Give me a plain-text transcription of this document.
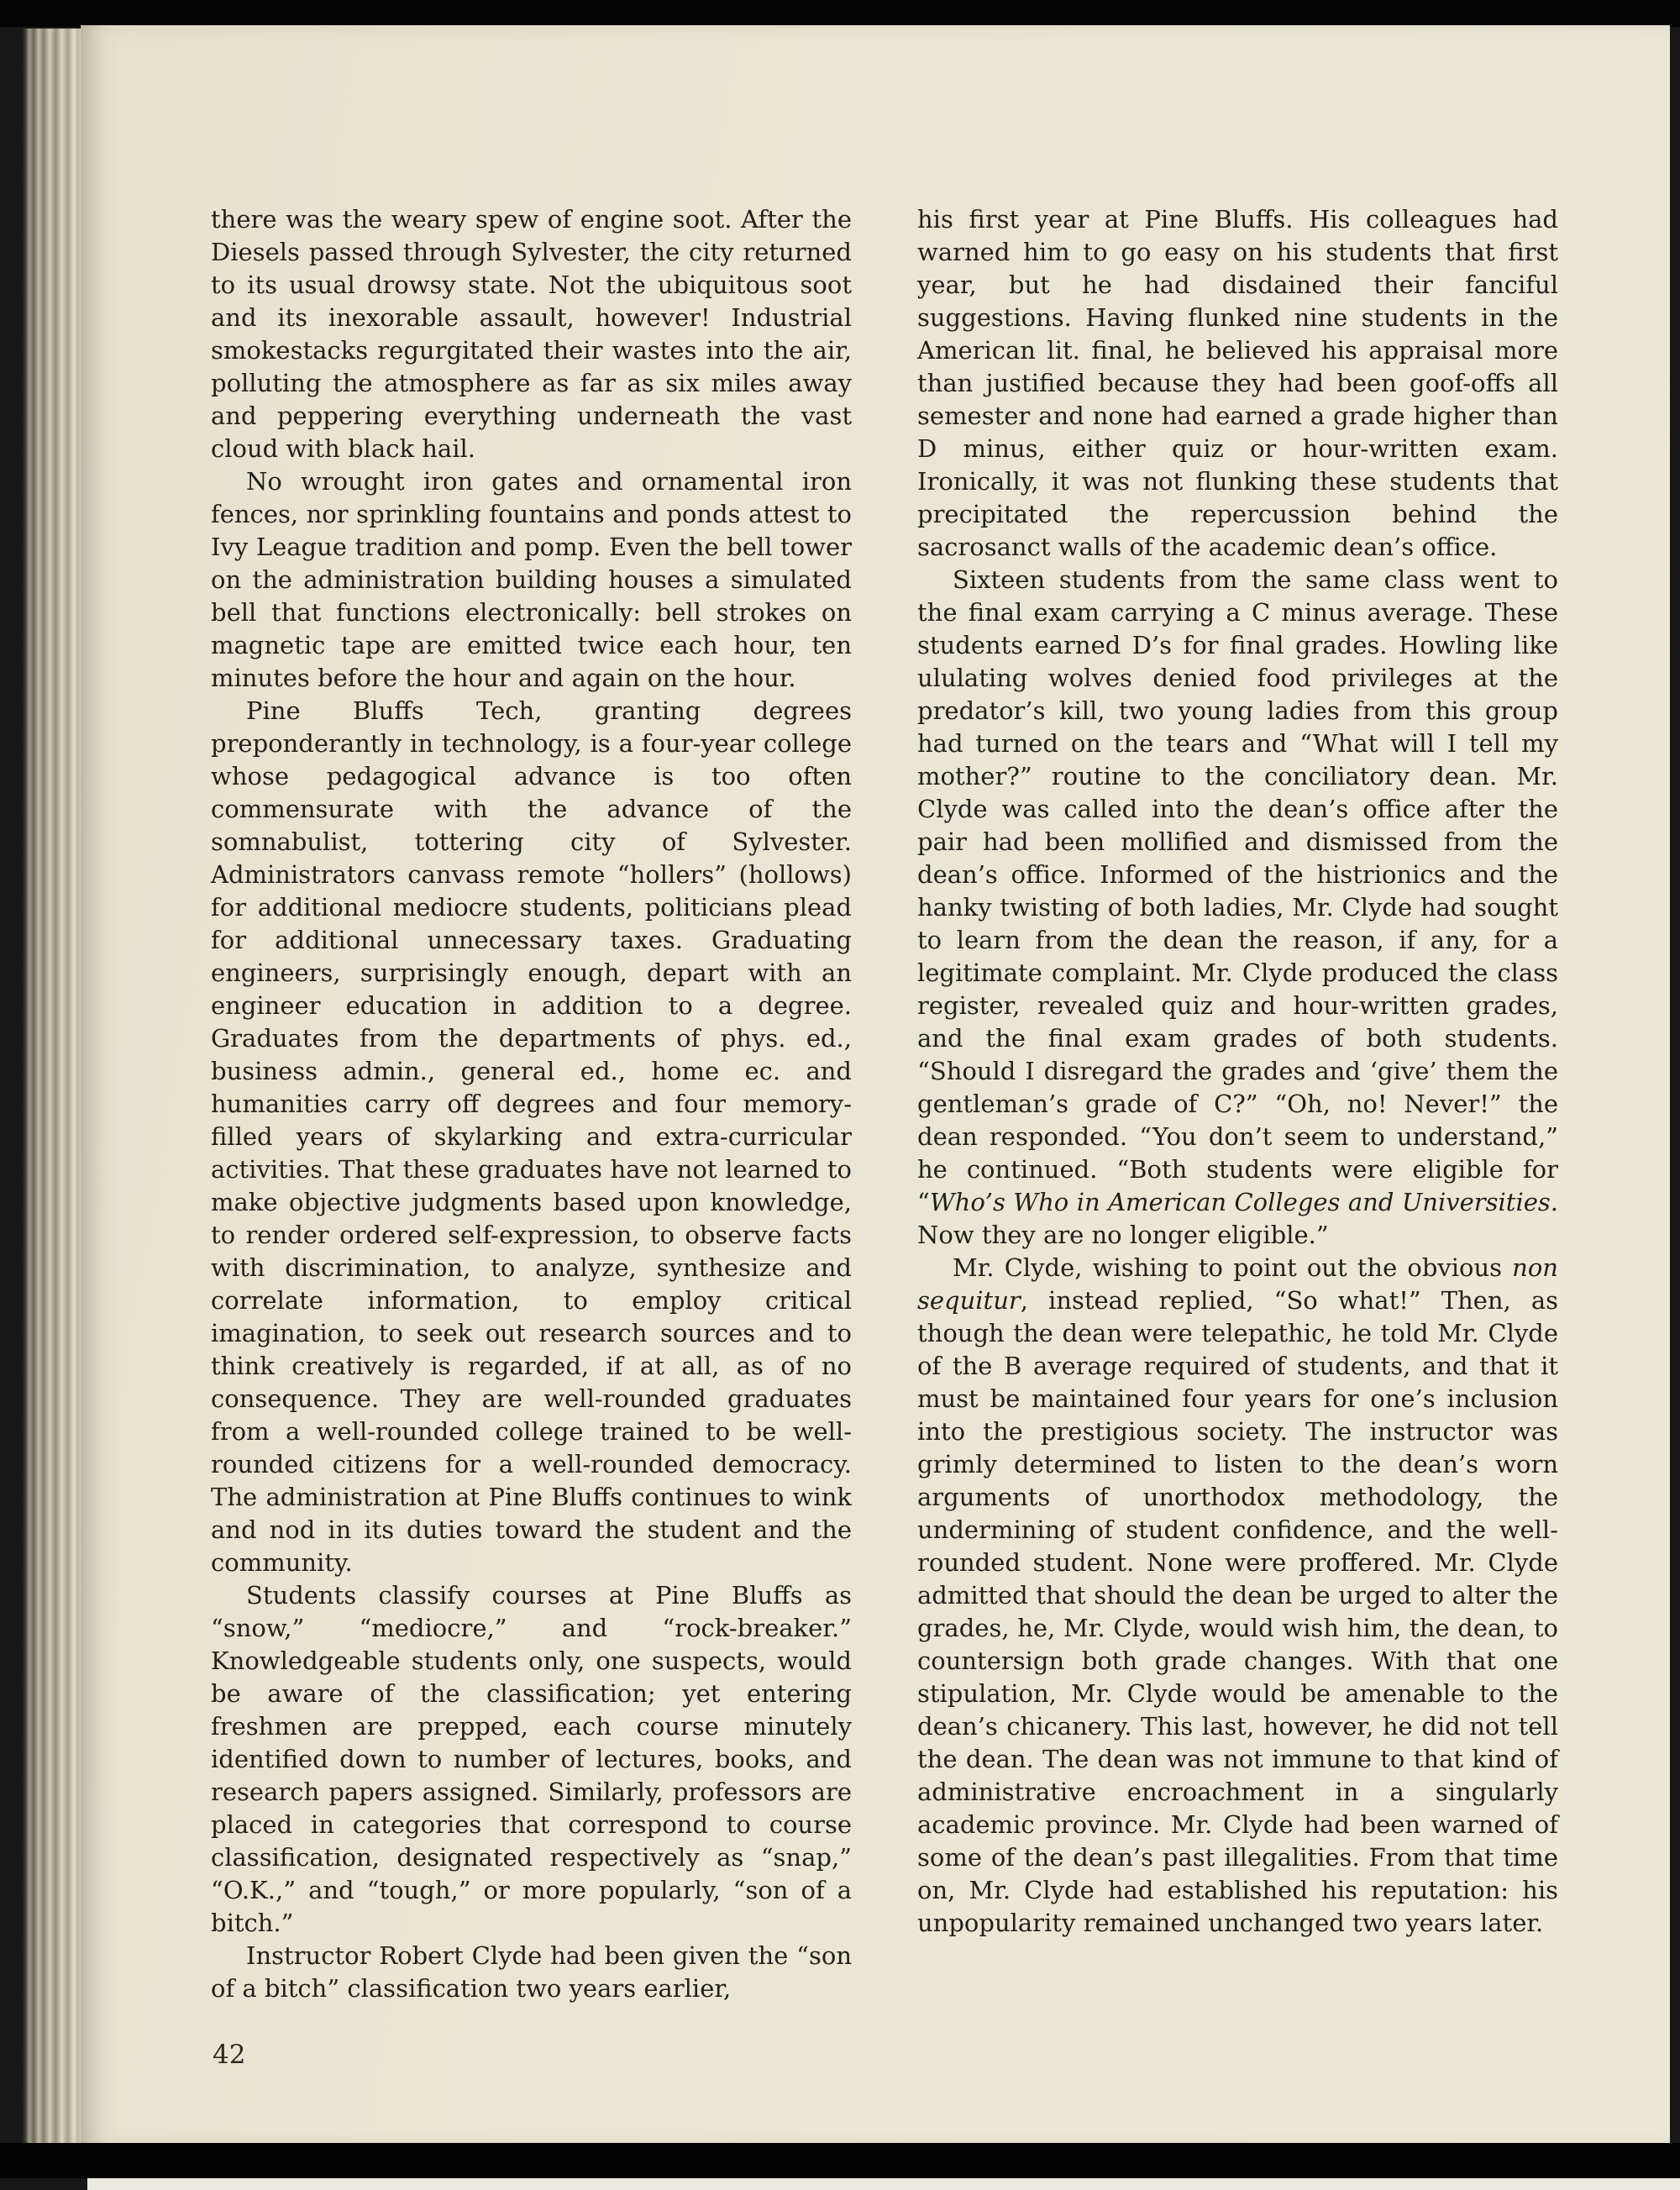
there was the weary spew of engine soot. After the Diesels passed through Sylvester, the city returned to its usual drowsy state. Not the ubiquitous soot and its inexorable assault, however! Industrial smokestacks regurgitated their wastes into the air, polluting the atmosphere as far as six miles away and peppering everything underneath the vast cloud with black hail.

No wrought iron gates and ornamental iron fences, nor sprinkling fountains and ponds attest to Ivy League tradition and pomp. Even the bell tower on the administration building houses a simulated bell that functions electronically: bell strokes on magnetic tape are emitted twice each hour, ten minutes before the hour and again on the hour.

Pine Bluffs Tech, granting degrees preponderantly in technology, is a four-year college whose pedagogical advance is too often commensurate with the advance of the somnabulist, tottering city of Sylvester. Administrators canvass remote “hollers” (hollows) for additional mediocre students, politicians plead for additional unnecessary taxes. Graduating engineers, surprisingly enough, depart with an engineer education in addition to a degree. Graduates from the departments of phys. ed., business admin., general ed., home ec. and humanities carry off degrees and four memory-filled years of skylarking and extra-curricular activities. That these graduates have not learned to make objective judgments based upon knowledge, to render ordered self-expression, to observe facts with discrimination, to analyze, synthesize and correlate information, to employ critical imagination, to seek out research sources and to think creatively is regarded, if at all, as of no consequence. They are well-rounded graduates from a well-rounded college trained to be well-rounded citizens for a well-rounded democracy. The administration at Pine Bluffs continues to wink and nod in its duties toward the student and the community.

Students classify courses at Pine Bluffs as “snow,” “mediocre,” and “rock-breaker.” Knowledgeable students only, one suspects, would be aware of the classification; yet entering freshmen are prepped, each course minutely identified down to number of lectures, books, and research papers assigned. Similarly, professors are placed in categories that correspond to course classification, designated respectively as “snap,” “O.K.,” and “tough,” or more popularly, “son of a bitch.”

Instructor Robert Clyde had been given the “son of a bitch” classification two years earlier,

his first year at Pine Bluffs. His colleagues had warned him to go easy on his students that first year, but he had disdained their fanciful suggestions. Having flunked nine students in the American lit. final, he believed his appraisal more than justified because they had been goof-offs all semester and none had earned a grade higher than D minus, either quiz or hour-written exam. Ironically, it was not flunking these students that precipitated the repercussion behind the sacrosanct walls of the academic dean’s office.

Sixteen students from the same class went to the final exam carrying a C minus average. These students earned D’s for final grades. Howling like ululating wolves denied food privileges at the predator’s kill, two young ladies from this group had turned on the tears and “What will I tell my mother?” routine to the conciliatory dean. Mr. Clyde was called into the dean’s office after the pair had been mollified and dismissed from the dean’s office. Informed of the histrionics and the hanky twisting of both ladies, Mr. Clyde had sought to learn from the dean the reason, if any, for a legitimate complaint. Mr. Clyde produced the class register, revealed quiz and hour-written grades, and the final exam grades of both students. “Should I disregard the grades and ‘give’ them the gentleman’s grade of C?” “Oh, no! Never!” the dean responded. “You don’t seem to understand,” he continued. “Both students were eligible for “Who’s Who in American Colleges and Universities. Now they are no longer eligible.”

Mr. Clyde, wishing to point out the obvious non sequitur, instead replied, “So what!” Then, as though the dean were telepathic, he told Mr. Clyde of the B average required of students, and that it must be maintained four years for one’s inclusion into the prestigious society. The instructor was grimly determined to listen to the dean’s worn arguments of unorthodox methodology, the undermining of student confidence, and the well-rounded student. None were proffered. Mr. Clyde admitted that should the dean be urged to alter the grades, he, Mr. Clyde, would wish him, the dean, to countersign both grade changes. With that one stipulation, Mr. Clyde would be amenable to the dean’s chicanery. This last, however, he did not tell the dean. The dean was not immune to that kind of administrative encroachment in a singularly academic province. Mr. Clyde had been warned of some of the dean’s past illegalities. From that time on, Mr. Clyde had established his reputation: his unpopularity remained unchanged two years later.

42
